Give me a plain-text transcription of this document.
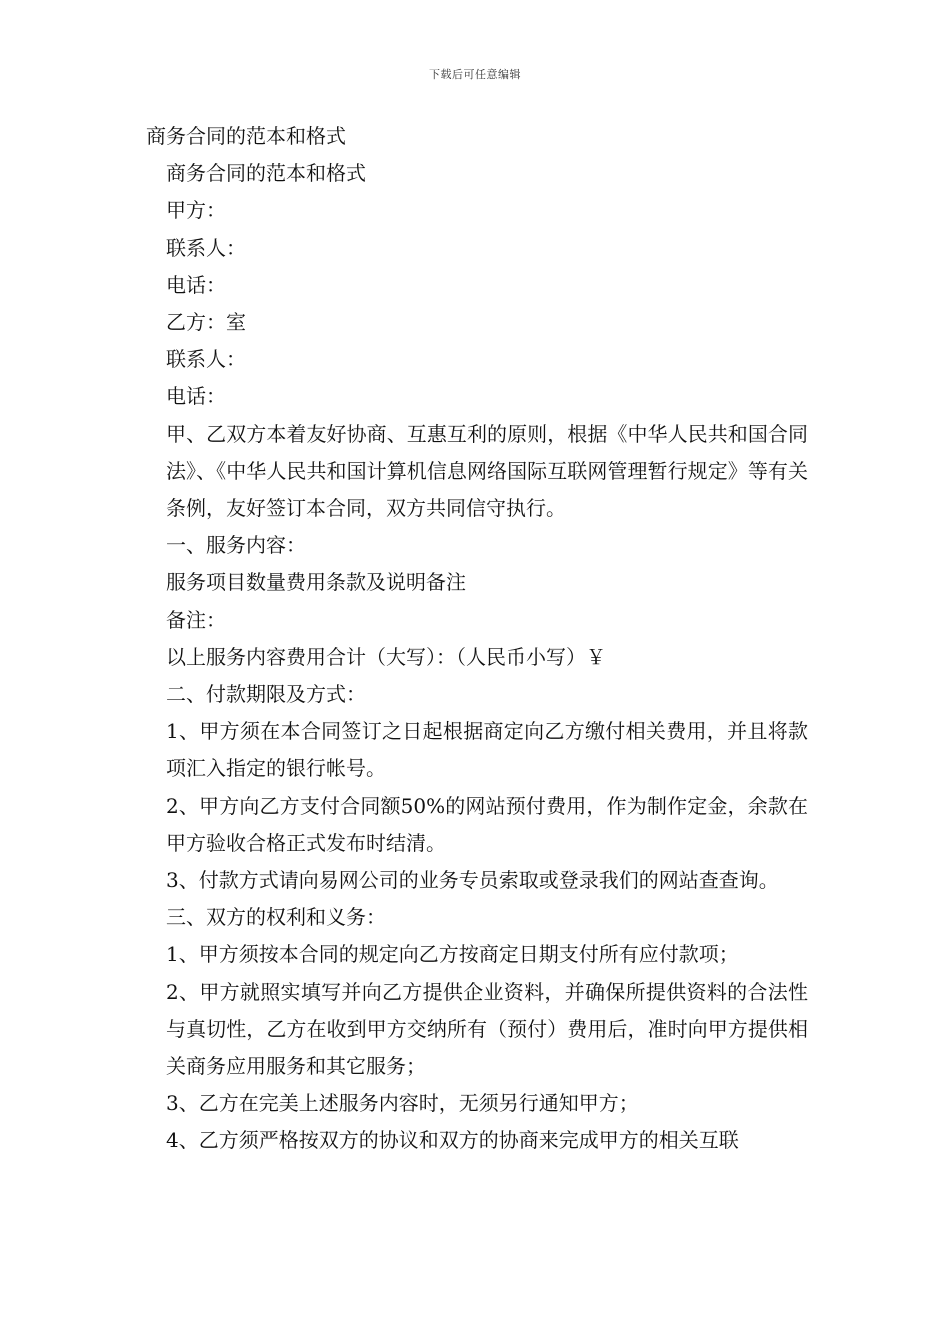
下载后可任意编辑

商务合同的范本和格式

商务合同的范本和格式

甲方：

联系人：

电话：

乙方：室

联系人：

电话：

甲、乙双方本着友好协商、互惠互利的原则，根据《中华人民共和国合同法》、《中华人民共和国计算机信息网络国际互联网管理暂行规定》等有关条例，友好签订本合同，双方共同信守执行。

一、服务内容：

服务项目数量费用条款及说明备注

备注：

以上服务内容费用合计（大写）：（人民币小写）￥

二、付款期限及方式：

1、甲方须在本合同签订之日起根据商定向乙方缴付相关费用，并且将款项汇入指定的银行帐号。

2、甲方向乙方支付合同额50%的网站预付费用，作为制作定金，余款在甲方验收合格正式发布时结清。

3、付款方式请向易网公司的业务专员索取或登录我们的网站查查询。

三、双方的权利和义务：

1、甲方须按本合同的规定向乙方按商定日期支付所有应付款项；

2、甲方就照实填写并向乙方提供企业资料，并确保所提供资料的合法性与真切性，乙方在收到甲方交纳所有（预付）费用后，准时向甲方提供相关商务应用服务和其它服务；

3、乙方在完美上述服务内容时，无须另行通知甲方；

4、乙方须严格按双方的协议和双方的协商来完成甲方的相关互联
